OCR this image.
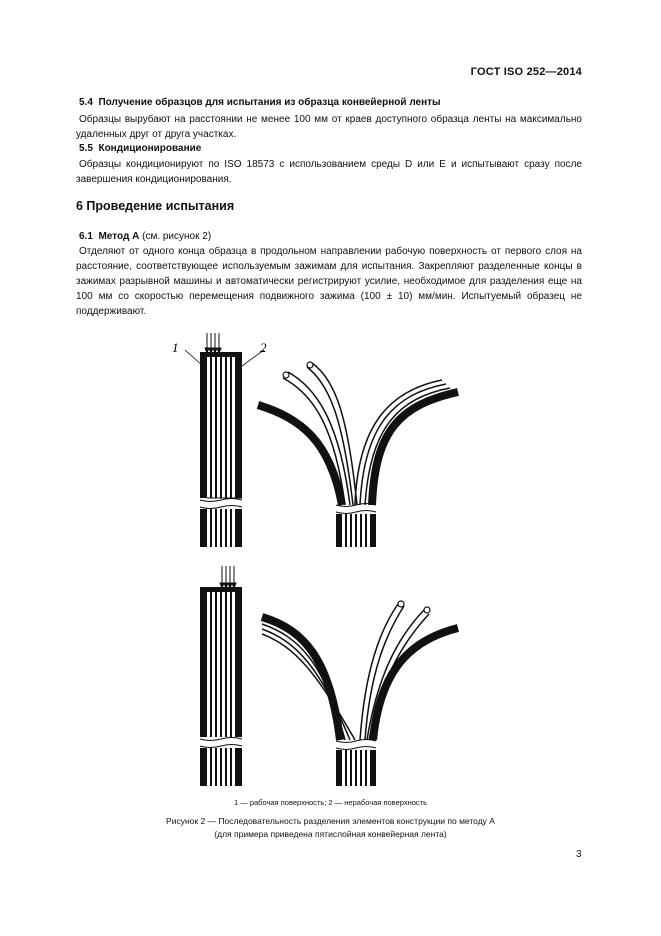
ГОСТ ISO 252—2014
5.4 Получение образцов для испытания из образца конвейерной ленты
Образцы вырубают на расстоянии не менее 100 мм от краев доступного образца ленты на максимально удаленных друг от друга участках.
5.5 Кондиционирование
Образцы кондиционируют по ISO 18573 с использованием среды D или E и испытывают сразу после завершения кондиционирования.
6 Проведение испытания
6.1 Метод А (см. рисунок 2)
Отделяют от одного конца образца в продольном направлении рабочую поверхность от первого слоя на расстояние, соответствующее используемым зажимам для испытания. Закрепляют разделенные концы в зажимах разрывной машины и автоматически регистрируют усилие, необходимое для разделения еще на 100 мм со скоростью перемещения подвижного зажима (100 ± 10) мм/мин. Испытуемый образец не поддерживают.
1	2
1 — рабочая поверхность; 2 — нерабочая поверхность
Рисунок 2 — Последовательность разделения элементов конструкции по методу А
(для примера приведена пятислойная конвейерная лента)
3
